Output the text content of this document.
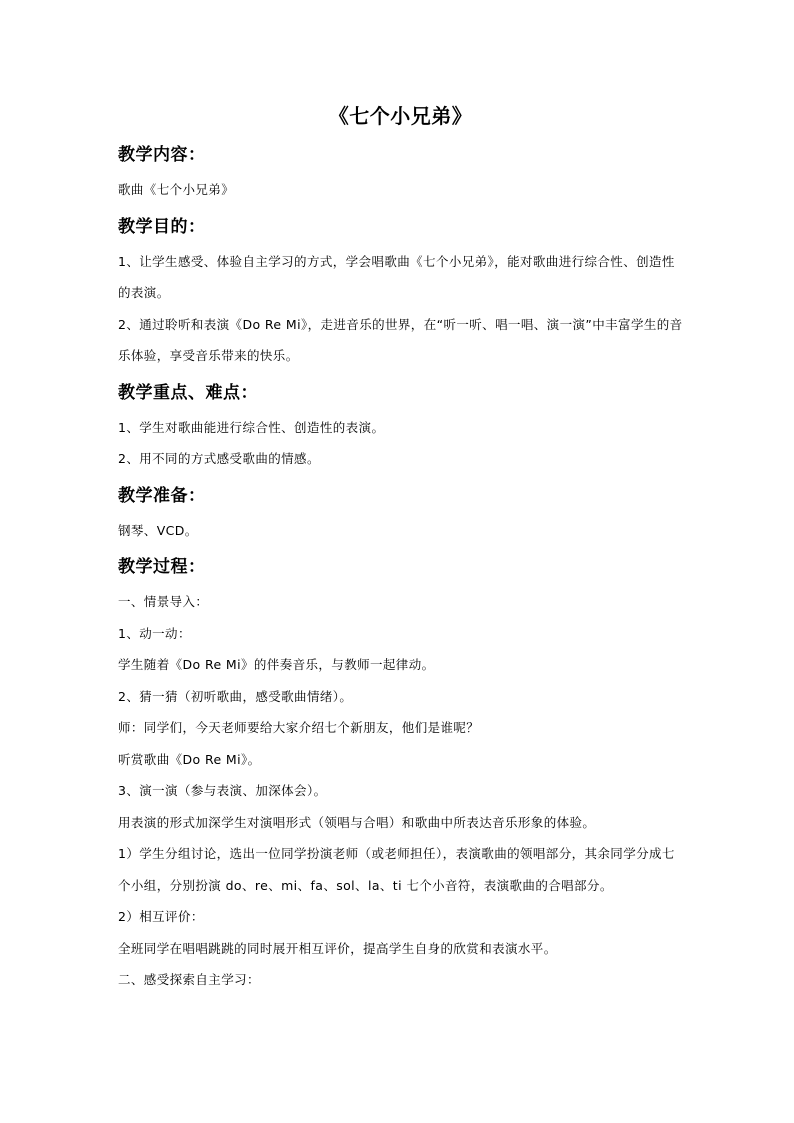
《七个小兄弟》
教学内容：

歌曲《七个小兄弟》

教学目的：

1、让学生感受、体验自主学习的方式，学会唱歌曲《七个小兄弟》，能对歌曲进行综合性、创造性的表演。

2、通过聆听和表演《Do Re Mi》，走进音乐的世界，在“听一听、唱一唱、演一演”中丰富学生的音乐体验，享受音乐带来的快乐。

教学重点、难点：

1、学生对歌曲能进行综合性、创造性的表演。

2、用不同的方式感受歌曲的情感。

教学准备：

钢琴、VCD。

教学过程：

一、情景导入：

1、动一动：

学生随着《Do Re Mi》的伴奏音乐，与教师一起律动。

2、猜一猜（初听歌曲，感受歌曲情绪）。

师：同学们，今天老师要给大家介绍七个新朋友，他们是谁呢？

听赏歌曲《Do Re Mi》。

3、演一演（参与表演、加深体会）。

用表演的形式加深学生对演唱形式（领唱与合唱）和歌曲中所表达音乐形象的体验。

1）学生分组讨论，选出一位同学扮演老师（或老师担任），表演歌曲的领唱部分，其余同学分成七个小组，分别扮演 do、re、mi、fa、sol、la、ti 七个小音符，表演歌曲的合唱部分。

2）相互评价：

全班同学在唱唱跳跳的同时展开相互评价，提高学生自身的欣赏和表演水平。

二、感受探索自主学习：
